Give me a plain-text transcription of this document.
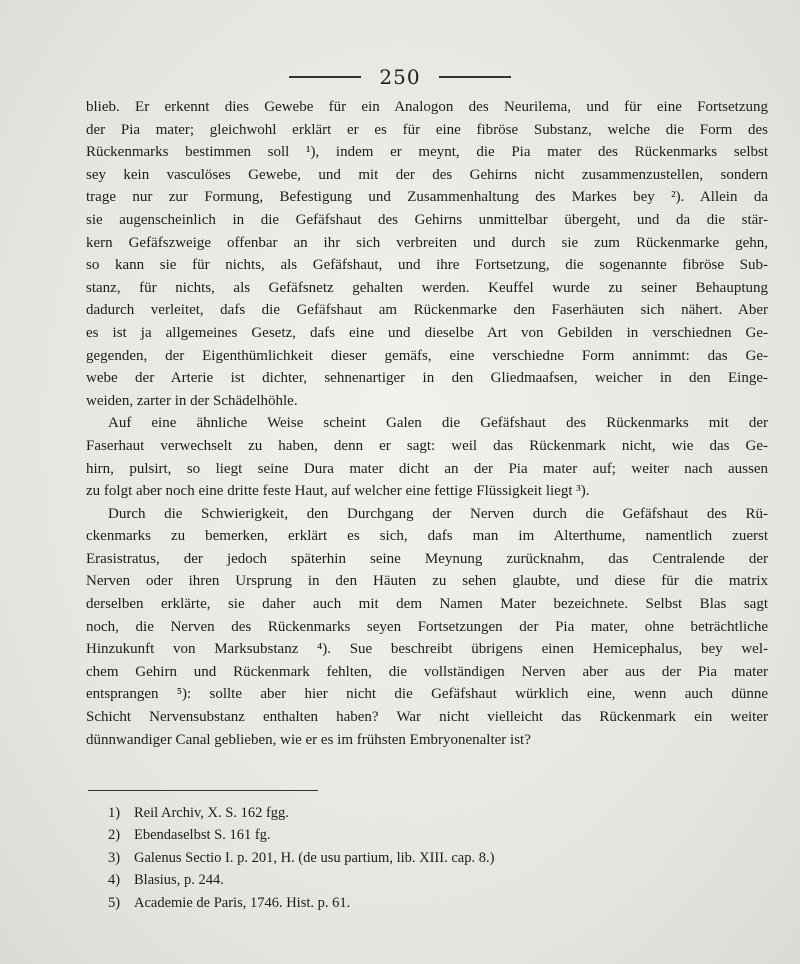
250
blieb. Er erkennt dies Gewebe für ein Analogon des Neurilema, und für eine Fortsetzung
der Pia mater; gleichwohl erklärt er es für eine fibröse Substanz, welche die Form des
Rückenmarks bestimmen soll ¹), indem er meynt, die Pia mater des Rückenmarks selbst
sey kein vasculöses Gewebe, und mit der des Gehirns nicht zusammenzustellen, sondern
trage nur zur Formung, Befestigung und Zusammenhaltung des Markes bey ²). Allein da
sie augenscheinlich in die Gefäfshaut des Gehirns unmittelbar übergeht, und da die stär-
kern Gefäfszweige offenbar an ihr sich verbreiten und durch sie zum Rückenmarke gehn,
so kann sie für nichts, als Gefäfshaut, und ihre Fortsetzung, die sogenannte fibröse Sub-
stanz, für nichts, als Gefäfsnetz gehalten werden. Keuffel wurde zu seiner Behauptung
dadurch verleitet, dafs die Gefäfshaut am Rückenmarke den Faserhäuten sich nähert. Aber
es ist ja allgemeines Gesetz, dafs eine und dieselbe Art von Gebilden in verschiednen Ge-
gegenden, der Eigenthümlichkeit dieser gemäfs, eine verschiedne Form annimmt: das Ge-
webe der Arterie ist dichter, sehnenartiger in den Gliedmaafsen, weicher in den Einge-
weiden, zarter in der Schädelhöhle.
Auf eine ähnliche Weise scheint Galen die Gefäfshaut des Rückenmarks mit der
Faserhaut verwechselt zu haben, denn er sagt: weil das Rückenmark nicht, wie das Ge-
hirn, pulsirt, so liegt seine Dura mater dicht an der Pia mater auf; weiter nach aussen
zu folgt aber noch eine dritte feste Haut, auf welcher eine fettige Flüssigkeit liegt ³).
Durch die Schwierigkeit, den Durchgang der Nerven durch die Gefäfshaut des Rü-
ckenmarks zu bemerken, erklärt es sich, dafs man im Alterthume, namentlich zuerst
Erasistratus, der jedoch späterhin seine Meynung zurücknahm, das Centralende der
Nerven oder ihren Ursprung in den Häuten zu sehen glaubte, und diese für die matrix
derselben erklärte, sie daher auch mit dem Namen Mater bezeichnete. Selbst Blas sagt
noch, die Nerven des Rückenmarks seyen Fortsetzungen der Pia mater, ohne beträchtliche
Hinzukunft von Marksubstanz ⁴). Sue beschreibt übrigens einen Hemicephalus, bey wel-
chem Gehirn und Rückenmark fehlten, die vollständigen Nerven aber aus der Pia mater
entsprangen ⁵): sollte aber hier nicht die Gefäfshaut würklich eine, wenn auch dünne
Schicht Nervensubstanz enthalten haben? War nicht vielleicht das Rückenmark ein weiter
dünnwandiger Canal geblieben, wie er es im frühsten Embryonenalter ist?
1) Reil Archiv, X. S. 162 fgg.
2) Ebendaselbst S. 161 fg.
3) Galenus Sectio I. p. 201, H. (de usu partium, lib. XIII. cap. 8.)
4) Blasius, p. 244.
5) Academie de Paris, 1746. Hist. p. 61.
